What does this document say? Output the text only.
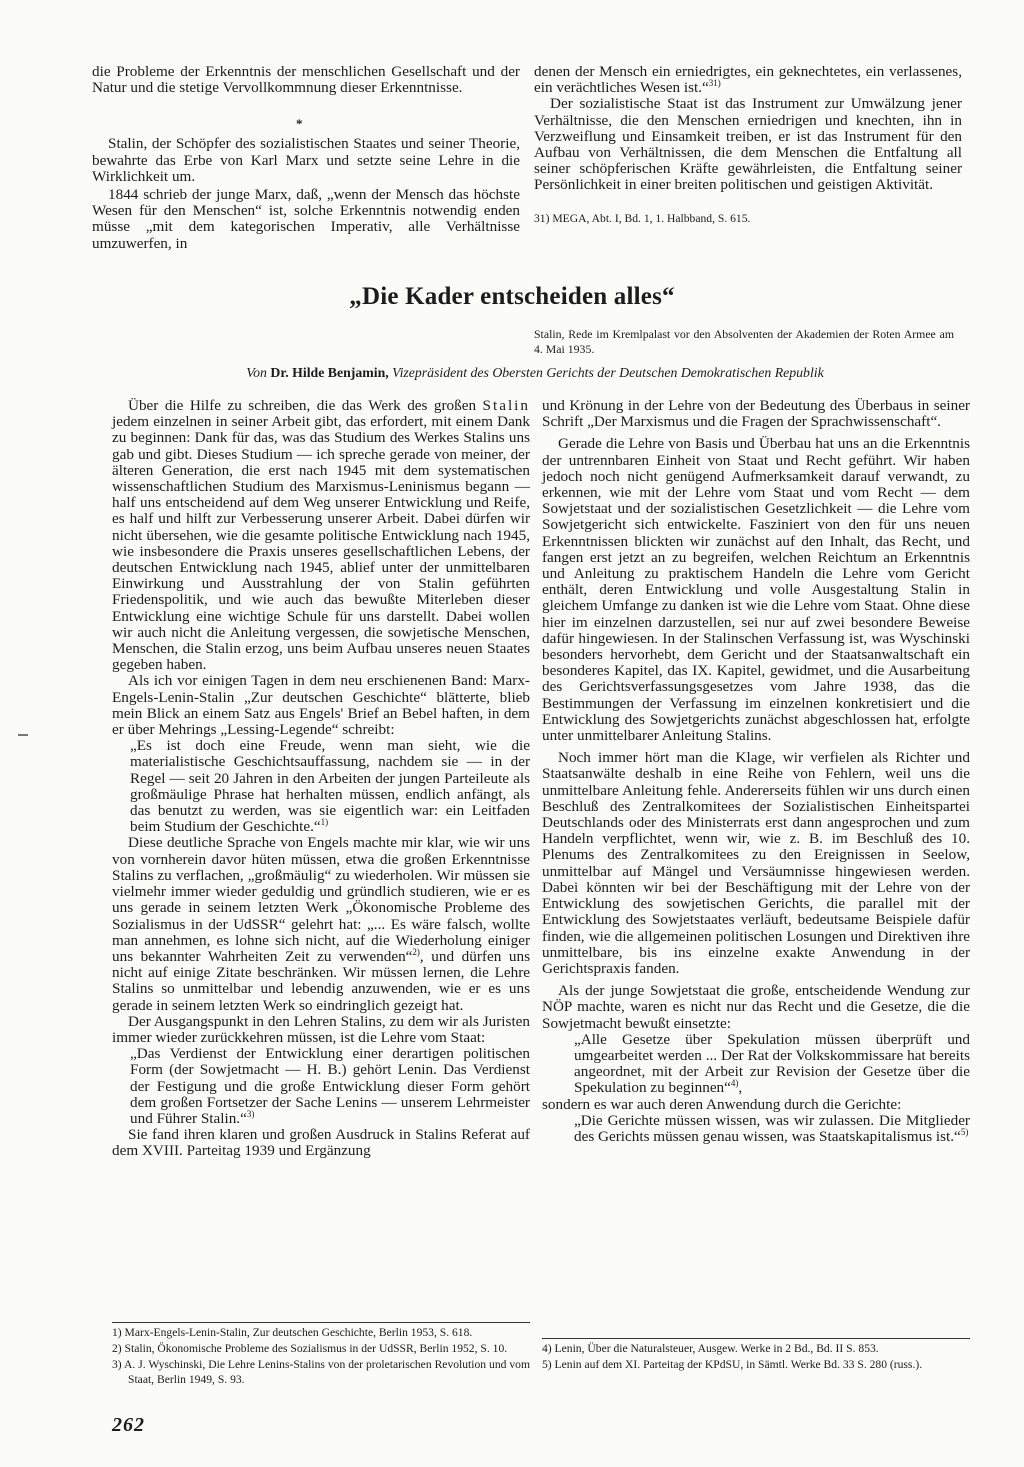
die Probleme der Erkenntnis der menschlichen Gesellschaft und der Natur und die stetige Vervollkommnung dieser Erkenntnisse.

Stalin, der Schöpfer des sozialistischen Staates und seiner Theorie, bewahrte das Erbe von Karl Marx und setzte seine Lehre in die Wirklichkeit um.

1844 schrieb der junge Marx, daß, „wenn der Mensch das höchste Wesen für den Menschen“ ist, solche Erkenntnis notwendig enden müsse „mit dem kategorischen Imperativ, alle Verhältnisse umzuwerfen, in

*

denen der Mensch ein erniedrigtes, ein geknechtetes, ein verlassenes, ein verächtliches Wesen ist.“$^{31)}$

Der sozialistische Staat ist das Instrument zur Umwälzung jener Verhältnisse, die den Menschen erniedrigen und knechten, ihn in Verzweiflung und Einsamkeit treiben, er ist das Instrument für den Aufbau von Verhältnissen, die dem Menschen die Entfaltung all seiner schöpferischen Kräfte gewährleisten, die Entfaltung seiner Persönlichkeit in einer breiten politischen und geistigen Aktivität.

31) MEGA, Abt. I, Bd. 1, 1. Halbband, S. 615.

„Die Kader entscheiden alles“
Stalin, Rede im Kremlpalast vor den Absolventen der Akademien der Roten Armee am 4. Mai 1935.
Von Dr. Hilde Benjamin, Vizepräsident des Obersten Gerichts der Deutschen Demokratischen Republik

Über die Hilfe zu schreiben, die das Werk des großen Stalin jedem einzelnen in seiner Arbeit gibt, das erfordert, mit einem Dank zu beginnen: Dank für das, was das Studium des Werkes Stalins uns gab und gibt. Dieses Studium — ich spreche gerade von meiner, der älteren Generation, die erst nach 1945 mit dem systematischen wissenschaftlichen Studium des Marxismus-Leninismus begann — half uns entscheidend auf dem Weg unserer Entwicklung und Reife, es half und hilft zur Verbesserung unserer Arbeit. Dabei dürfen wir nicht übersehen, wie die gesamte politische Entwicklung nach 1945, wie insbesondere die Praxis unseres gesellschaftlichen Lebens, der deutschen Entwicklung nach 1945, ablief unter der unmittelbaren Einwirkung und Ausstrahlung der von Stalin geführten Friedenspolitik, und wie auch das bewußte Miterleben dieser Entwicklung eine wichtige Schule für uns darstellt. Dabei wollen wir auch nicht die Anleitung vergessen, die sowjetische Menschen, Menschen, die Stalin erzog, uns beim Aufbau unseres neuen Staates gegeben haben.

Als ich vor einigen Tagen in dem neu erschienenen Band: Marx-Engels-Lenin-Stalin „Zur deutschen Geschichte“ blätterte, blieb mein Blick an einem Satz aus Engels' Brief an Bebel haften, in dem er über Mehrings „Lessing-Legende“ schreibt:

„Es ist doch eine Freude, wenn man sieht, wie die materialistische Geschichtsauffassung, nachdem sie — in der Regel — seit 20 Jahren in den Arbeiten der jungen Parteileute als großmäulige Phrase hat herhalten müssen, endlich anfängt, als das benutzt zu werden, was sie eigentlich war: ein Leitfaden beim Studium der Geschichte.“$^{1)}$

Diese deutliche Sprache von Engels machte mir klar, wie wir uns von vornherein davor hüten müssen, etwa die großen Erkenntnisse Stalins zu verflachen, „großmäulig“ zu wiederholen. Wir müssen sie vielmehr immer wieder geduldig und gründlich studieren, wie er es uns gerade in seinem letzten Werk „Ökonomische Probleme des Sozialismus in der UdSSR“ gelehrt hat: „... Es wäre falsch, wollte man annehmen, es lohne sich nicht, auf die Wiederholung einiger uns bekannter Wahrheiten Zeit zu verwenden“$^{2)}$, und dürfen uns nicht auf einige Zitate beschränken. Wir müssen lernen, die Lehre Stalins so unmittelbar und lebendig anzuwenden, wie er es uns gerade in seinem letzten Werk so eindringlich gezeigt hat.

Der Ausgangspunkt in den Lehren Stalins, zu dem wir als Juristen immer wieder zurückkehren müssen, ist die Lehre vom Staat:

„Das Verdienst der Entwicklung einer derartigen politischen Form (der Sowjetmacht — H. B.) gehört Lenin. Das Verdienst der Festigung und die große Entwicklung dieser Form gehört dem großen Fortsetzer der Sache Lenins — unserem Lehrmeister und Führer Stalin.“$^{3)}$

Sie fand ihren klaren und großen Ausdruck in Stalins Referat auf dem XVIII. Parteitag 1939 und Ergänzung

1) Marx-Engels-Lenin-Stalin, Zur deutschen Geschichte, Berlin 1953, S. 618.

2) Stalin, Ökonomische Probleme des Sozialismus in der UdSSR, Berlin 1952, S. 10.

3) A. J. Wyschinski, Die Lehre Lenins-Stalins von der proletarischen Revolution und vom Staat, Berlin 1949, S. 93.

und Krönung in der Lehre von der Bedeutung des Überbaus in seiner Schrift „Der Marxismus und die Fragen der Sprachwissenschaft“.

Gerade die Lehre von Basis und Überbau hat uns an die Erkenntnis der untrennbaren Einheit von Staat und Recht geführt. Wir haben jedoch noch nicht genügend Aufmerksamkeit darauf verwandt, zu erkennen, wie mit der Lehre vom Staat und vom Recht — dem Sowjetstaat und der sozialistischen Gesetzlichkeit — die Lehre vom Sowjetgericht sich entwickelte. Fasziniert von den für uns neuen Erkenntnissen blickten wir zunächst auf den Inhalt, das Recht, und fangen erst jetzt an zu begreifen, welchen Reichtum an Erkenntnis und Anleitung zu praktischem Handeln die Lehre vom Gericht enthält, deren Entwicklung und volle Ausgestaltung Stalin in gleichem Umfange zu danken ist wie die Lehre vom Staat. Ohne diese hier im einzelnen darzustellen, sei nur auf zwei besondere Beweise dafür hingewiesen. In der Stalinschen Verfassung ist, was Wyschinski besonders hervorhebt, dem Gericht und der Staatsanwaltschaft ein besonderes Kapitel, das IX. Kapitel, gewidmet, und die Ausarbeitung des Gerichtsverfassungsgesetzes vom Jahre 1938, das die Bestimmungen der Verfassung im einzelnen konkretisiert und die Entwicklung des Sowjetgerichts zunächst abgeschlossen hat, erfolgte unter unmittelbarer Anleitung Stalins.

Noch immer hört man die Klage, wir verfielen als Richter und Staatsanwälte deshalb in eine Reihe von Fehlern, weil uns die unmittelbare Anleitung fehle. Andererseits fühlen wir uns durch einen Beschluß des Zentralkomitees der Sozialistischen Einheitspartei Deutschlands oder des Ministerrats erst dann angesprochen und zum Handeln verpflichtet, wenn wir, wie z. B. im Beschluß des 10. Plenums des Zentralkomitees zu den Ereignissen in Seelow, unmittelbar auf Mängel und Versäumnisse hingewiesen werden. Dabei könnten wir bei der Beschäftigung mit der Lehre von der Entwicklung des sowjetischen Gerichts, die parallel mit der Entwicklung des Sowjetstaates verläuft, bedeutsame Beispiele dafür finden, wie die allgemeinen politischen Losungen und Direktiven ihre unmittelbare, bis ins einzelne exakte Anwendung in der Gerichtspraxis fanden.

Als der junge Sowjetstaat die große, entscheidende Wendung zur NÖP machte, waren es nicht nur das Recht und die Gesetze, die die Sowjetmacht bewußt einsetzte:

„Alle Gesetze über Spekulation müssen überprüft und umgearbeitet werden ... Der Rat der Volkskommissare hat bereits angeordnet, mit der Arbeit zur Revision der Gesetze über die Spekulation zu beginnen“$^{4)}$,

sondern es war auch deren Anwendung durch die Gerichte:

„Die Gerichte müssen wissen, was wir zulassen. Die Mitglieder des Gerichts müssen genau wissen, was Staatskapitalismus ist.“$^{5)}$

4) Lenin, Über die Naturalsteuer, Ausgew. Werke in 2 Bd., Bd. II S. 853.

5) Lenin auf dem XI. Parteitag der KPdSU, in Sämtl. Werke Bd. 33 S. 280 (russ.).

262
